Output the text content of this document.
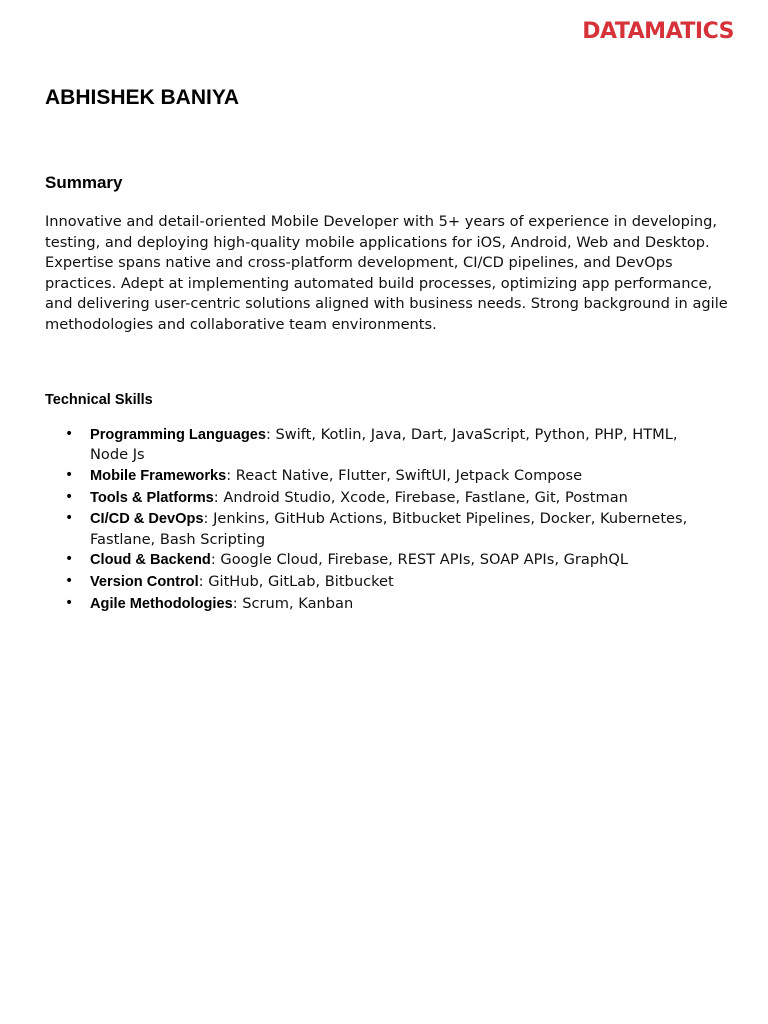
DATAMATICS
ABHISHEK BANIYA
Summary

Innovative and detail-oriented Mobile Developer with 5+ years of experience in developing, testing, and deploying high-quality mobile applications for iOS, Android, Web and Desktop. Expertise spans native and cross-platform development, CI/CD pipelines, and DevOps practices. Adept at implementing automated build processes, optimizing app performance, and delivering user-centric solutions aligned with business needs. Strong background in agile methodologies and collaborative team environments.

Technical Skills
• Programming Languages: Swift, Kotlin, Java, Dart, JavaScript, Python, PHP, HTML, Node Js
• Mobile Frameworks: React Native, Flutter, SwiftUI, Jetpack Compose
• Tools & Platforms: Android Studio, Xcode, Firebase, Fastlane, Git, Postman
• CI/CD & DevOps: Jenkins, GitHub Actions, Bitbucket Pipelines, Docker, Kubernetes, Fastlane, Bash Scripting
• Cloud & Backend: Google Cloud, Firebase, REST APIs, SOAP APIs, GraphQL
• Version Control: GitHub, GitLab, Bitbucket
• Agile Methodologies: Scrum, Kanban
